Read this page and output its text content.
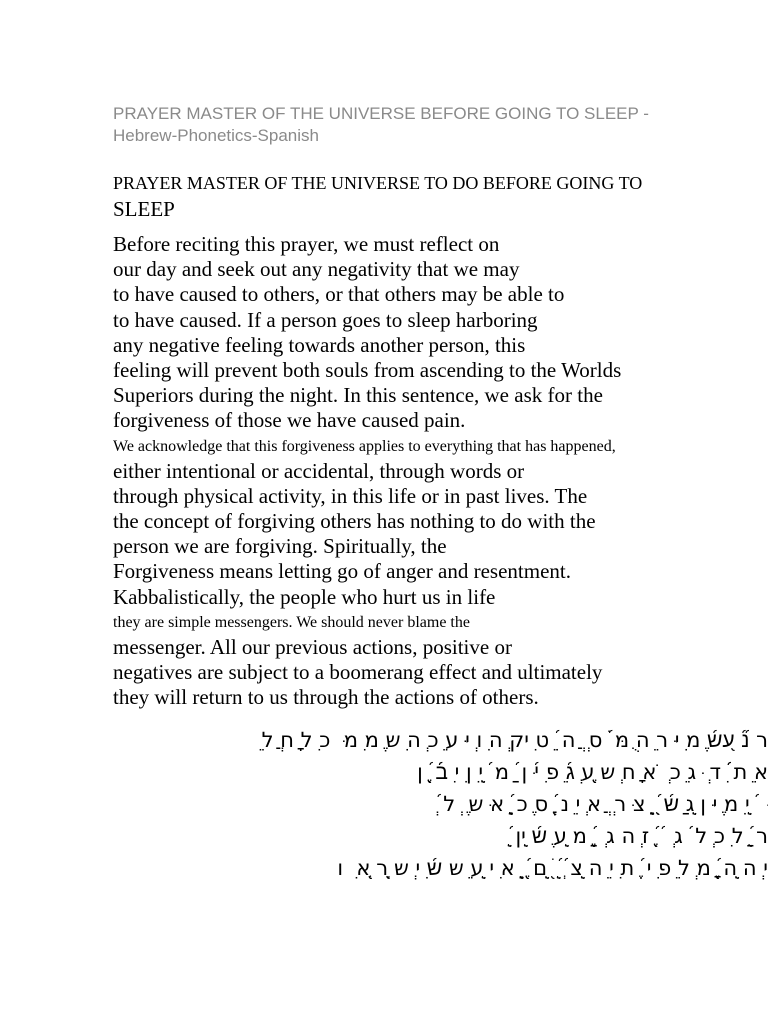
PRAYER MASTER OF THE UNIVERSE BEFORE GOING TO SLEEP - Hebrew-Phonetics-Spanish
PRAYER MASTER OF THE UNIVERSE TO DO BEFORE GOING TO
SLEEP
Before reciting this prayer, we must reflect on
our day and seek out any negativity that we may
to have caused to others, or that others may be able to
to have caused. If a person goes to sleep harboring
any negative feeling towards another person, this
feeling will prevent both souls from ascending to the Worlds
Superiors during the night. In this sentence, we ask for the
forgiveness of those we have caused pain.
We acknowledge that this forgiveness applies to everything that has happened,
either intentional or accidental, through words or
through physical activity, in this life or in past lives. The
the concept of forgiving others has nothing to do with the
person we are forgiving. Spiritually, the
Forgiveness means letting go of anger and resentment.
Kabbalistically, the people who hurt us in life
they are simple messengers. We should never blame the
messenger. All our previous actions, positive or
negatives are subject to a boomerang effect and ultimately
they will return to us through the actions of others.
ר נ֞ ע֭ש֜ ֶמ ִי ּר ֵה ֻמּ ֹ֜ ס ְ ֲה ֵ֜ ֵט ִיק ְה ִו ְי ּע ֵכ ְה ִש ֶמ ִמ ּ כ ִל ָח ֲל ֵ
א ֵת ֜֜ ִד ְ ּג ֵכ ְ ֹא ָח ְש ֶ֖֖ע ְג֜ ֵפ ִי֜ ּן ֜ ַמ ֜ ֵ֖י ִן ִי ִב֜֜ ֶ֖֖֜ ִן
֜ ּ ֜ ֵ֖י ִמ ֶי ּן ֵ֖ג ַש֜ ִ֖֜ ָ֖ ֵצ ּר ְ ֲא ְי ֵנ ֶ֖֜ ְס ֶכ ָ֖֜ ֵא ּש ֶ ְל ֜ ְ
ר ֵ֖֜ ַל ִכ ְל ֜ ג ְ ֜ ֶ֖֜ ִז ְה ג ְ ֶ֖֜ ַמ ֵ֖ע ֶש֜ ֵ֖ין ֵ֖֜
ִי ְה ֵ֖ה ֶ֖֜ ָמ ְל ֵפ ִי ֶ֜ ִת ִי ֵה ֵ֖צ ְ֜ ֵ֖֜ ֹ֖ ֵ֖ם ֶ֖֜ ָ֖ ֵא ִי ֵ֖ע ֵש ש֜ ִי ְש ָ֖ר ְ֖א ִ ו
